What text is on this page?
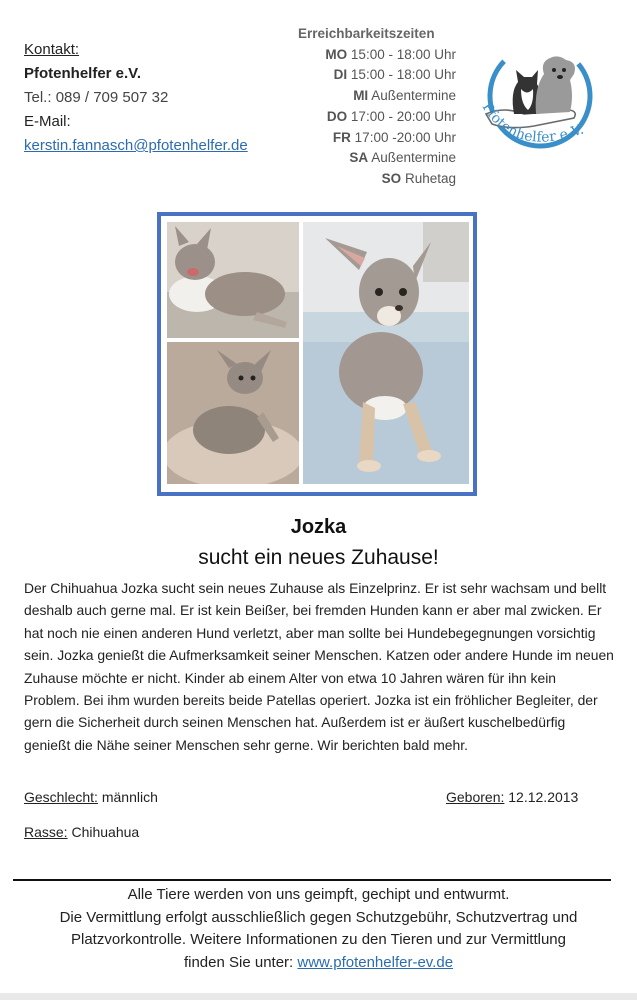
Kontakt:
Pfotenhelfer e.V.
Tel.: 089 / 709 507 32
E-Mail:
kerstin.fannasch@pfotenhelfer.de
Erreichbarkeitszeiten
MO 15:00 - 18:00 Uhr
DI 15:00 - 18:00 Uhr
MI Außentermine
DO 17:00 - 20:00 Uhr
FR 17:00 -20:00 Uhr
SA Außentermine
SO Ruhetag
Pfotenhelfer e.V.
Jozka
sucht ein neues Zuhause!
Der Chihuahua Jozka sucht sein neues Zuhause als Einzelprinz. Er ist sehr wachsam und bellt deshalb auch gerne mal. Er ist kein Beißer, bei fremden Hunden kann er aber mal zwicken. Er hat noch nie einen anderen Hund verletzt, aber man sollte bei Hundebegegnungen vorsichtig sein. Jozka genießt die Aufmerksamkeit seiner Menschen. Katzen oder andere Hunde im neuen Zuhause möchte er nicht. Kinder ab einem Alter von etwa 10 Jahren wären für ihn kein Problem. Bei ihm wurden bereits beide Patellas operiert. Jozka ist ein fröhlicher Begleiter, der gern die Sicherheit durch seinen Menschen hat. Außerdem ist er äußert kuschelbedürfig genießt die Nähe seiner Menschen sehr gerne. Wir berichten bald mehr.
Geschlecht: männlich	Geboren: 12.12.2013
Rasse: Chihuahua
Alle Tiere werden von uns geimpft, gechipt und entwurmt.
Die Vermittlung erfolgt ausschließlich gegen Schutzgebühr, Schutzvertrag und
Platzvorkontrolle. Weitere Informationen zu den Tieren und zur Vermittlung
finden Sie unter: www.pfotenhelfer-ev.de
